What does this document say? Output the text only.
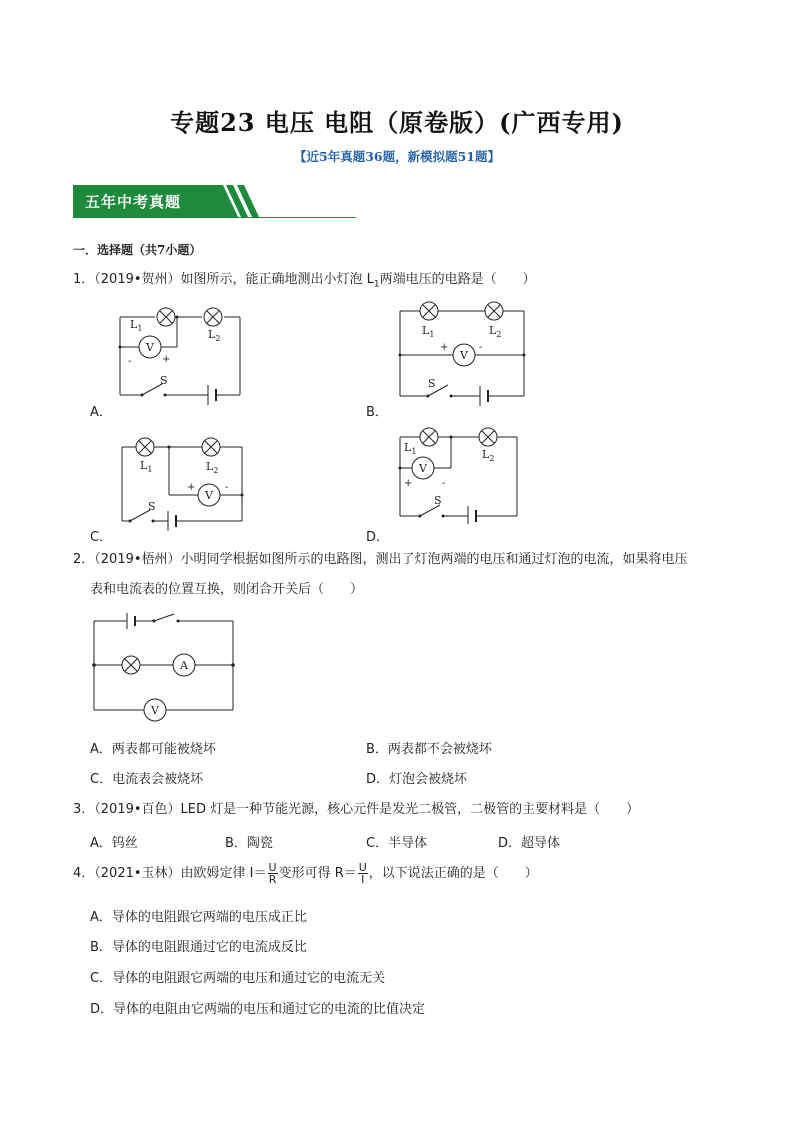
专题23 电压 电阻（原卷版）(广西专用)
【近5年真题36题，新模拟题51题】
五年中考真题
一．选择题（共7小题）
1．（2019•贺州）如图所示，能正确地测出小灯泡 $L_1$两端电压的电路是（　　）
V
$L_1$	$L_2$
-	+
S
A．
V
$L_1$	$L_2$
+	-
S
B．
V
$L_1$	$L_2$
+	-
S
C．
V
$L_1$	$L_2$
+	-
S
D．
2．（2019•梧州）小明同学根据如图所示的电路图，测出了灯泡两端的电压和通过灯泡的电流，如果将电压
表和电流表的位置互换，则闭合开关后（　　）
A
V
A．两表都可能被烧坏	B．两表都不会被烧坏
C．电流表会被烧坏	D．灯泡会被烧坏
3．（2019•百色）LED 灯是一种节能光源，核心元件是发光二极管，二极管的主要材料是（　　）
A．钨丝	B．陶瓷	C．半导体	D．超导体
4．（2021•玉林）由欧姆定律 $I= \frac{U}{R}$ 变形可得 $R= \frac{U}{I}$ ，以下说法正确的是（　　）
A．导体的电阻跟它两端的电压成正比
B．导体的电阻跟通过它的电流成反比
C．导体的电阻跟它两端的电压和通过它的电流无关
D．导体的电阻由它两端的电压和通过它的电流的比值决定
